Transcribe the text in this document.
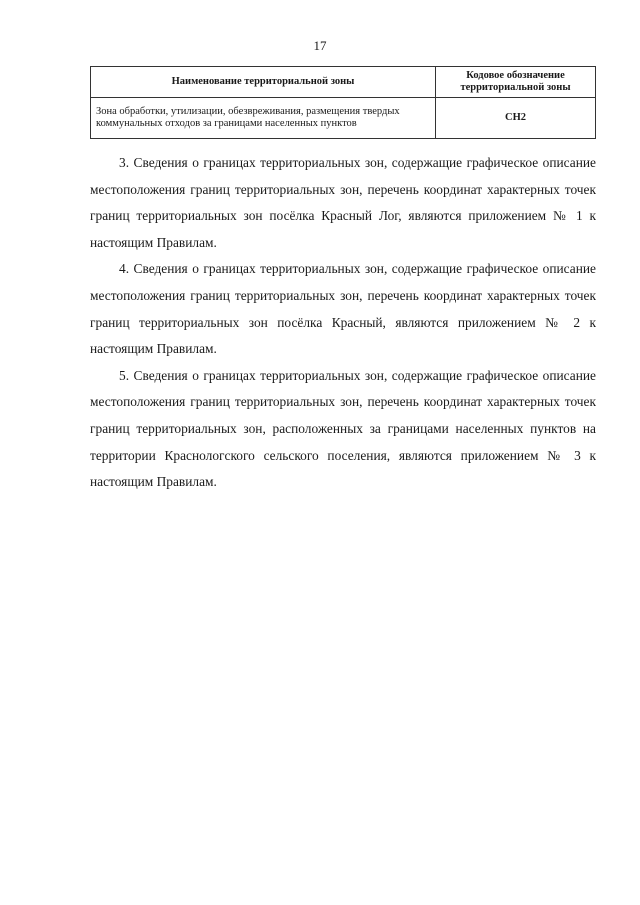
17
Наименование территориальной зоны	Кодовое обозначение территориальной зоны
Зона обработки, утилизации, обезвреживания, размещения твердых коммунальных отходов за границами населенных пунктов	СН2

3. Сведения о границах территориальных зон, содержащие графическое описание местоположения границ территориальных зон, перечень координат характерных точек границ территориальных зон посёлка Красный Лог, являются приложением № 1 к настоящим Правилам.

4. Сведения о границах территориальных зон, содержащие графическое описание местоположения границ территориальных зон, перечень координат характерных точек границ территориальных зон посёлка Красный, являются приложением № 2 к настоящим Правилам.

5. Сведения о границах территориальных зон, содержащие графическое описание местоположения границ территориальных зон, перечень координат характерных точек границ территориальных зон, расположенных за границами населенных пунктов на территории Краснологского сельского поселения, являются приложением № 3 к настоящим Правилам.
